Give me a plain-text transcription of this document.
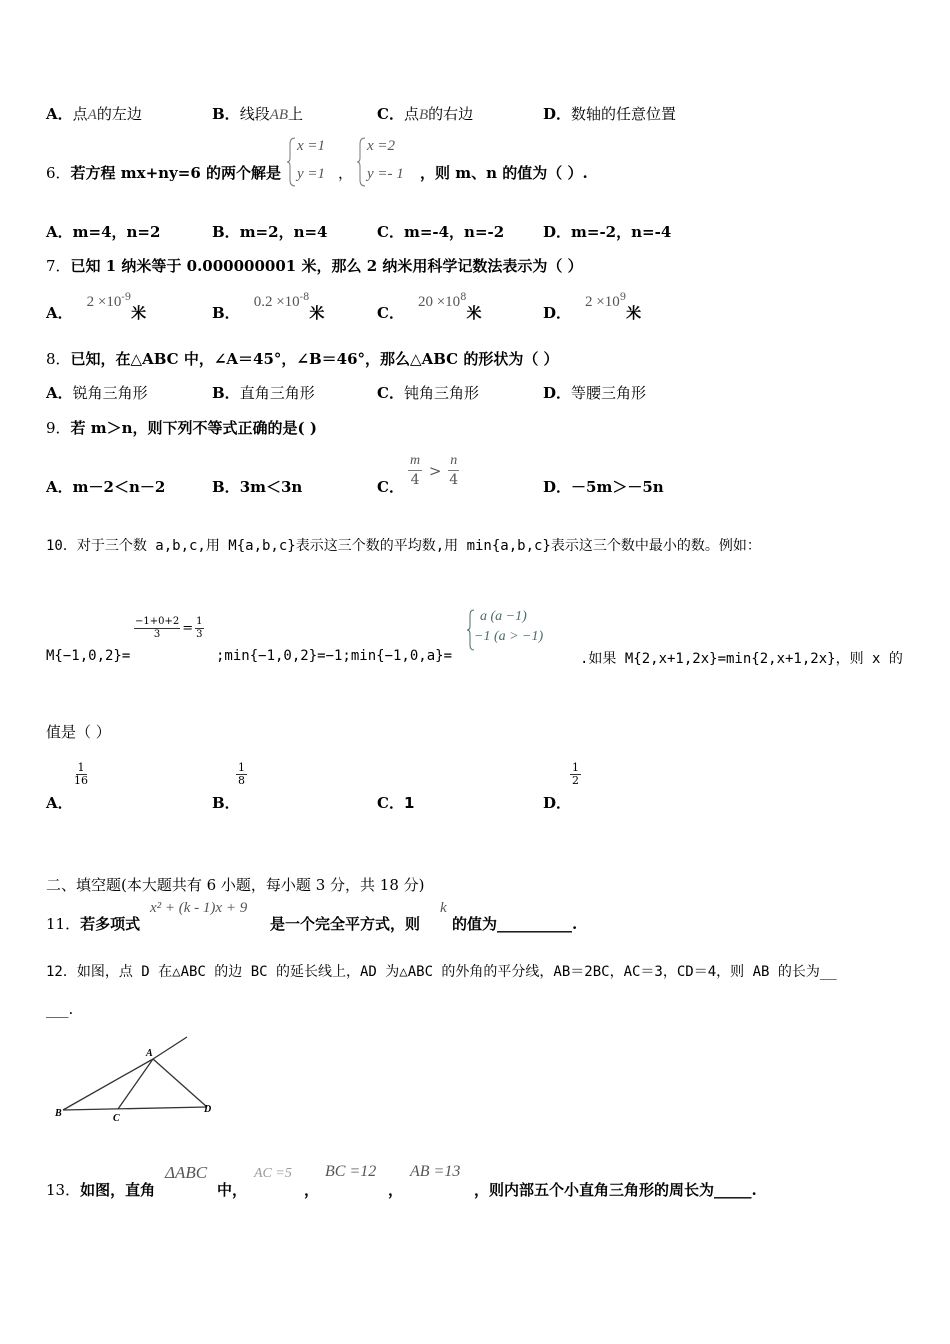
A．点A的左边	B．线段AB上	C．点B的右边	D．数轴的任意位置
6．若方程 mx+ny=6 的两个解是
x =1
y =1 ，
x =2
y =- 1 ，则 m、n 的值为（ ）.
A．m=4，n=2	B．m=2，n=4	C．m=-4，n=-2	D．m=-2，n=-4
7．已知 1 纳米等于 0.000000001 米，那么 2 纳米用科学记数法表示为（ ）
A．$2 \times 10^{-9}$米	B．$0.2 \times 10^{-8}$米	C．$20 \times 10^8$米	D．$2 \times 10^9$米
8．已知，在△ABC 中，∠A＝45°，∠B＝46°，那么△ABC 的形状为（ ）
A．锐角三角形	B．直角三角形	C．钝角三角形	D．等腰三角形
9．若 m＞n，则下列不等式正确的是( )
A．m－2＜n－2	B．3m＜3n	C． $\frac{m}{4} > \frac{n}{4}$	D．－5m＞－5n
10．对于三个数 a,b,c,用 M{a,b,c}表示这三个数的平均数,用 min{a,b,c}表示这三个数中最小的数。例如：
M{−1,0,2}=
$\frac{-1+0+2}{3} = \frac{1}{3}$
;min{−1,0,2}=−1;min{−1,0,a}=
a (a −1)
−1 (a > −1)
.如果 M{2,x+1,2x}=min{2,x+1,2x}，则 x 的
值是（ ）
A．
$\frac{1}{16}$
B．
$\frac{1}{8}$
C．1	D．
$\frac{1}{2}$
二、填空题(本大题共有 6 小题，每小题 3 分，共 18 分)
11．若多项式
x² + (k - 1)x + 9
是一个完全平方式，则
k
的值为__________.
12．如图，点 D 在△ABC 的边 BC 的延长线上，AD 为△ABC 的外角的平分线，AB＝2BC，AC＝3，CD＝4，则 AB 的长为__
___.
A
B	C
D
13．如图，直角
ΔABC
中，
AC =5
，
BC =12
，
AB =13
，则内部五个小直角三角形的周长为_____.
